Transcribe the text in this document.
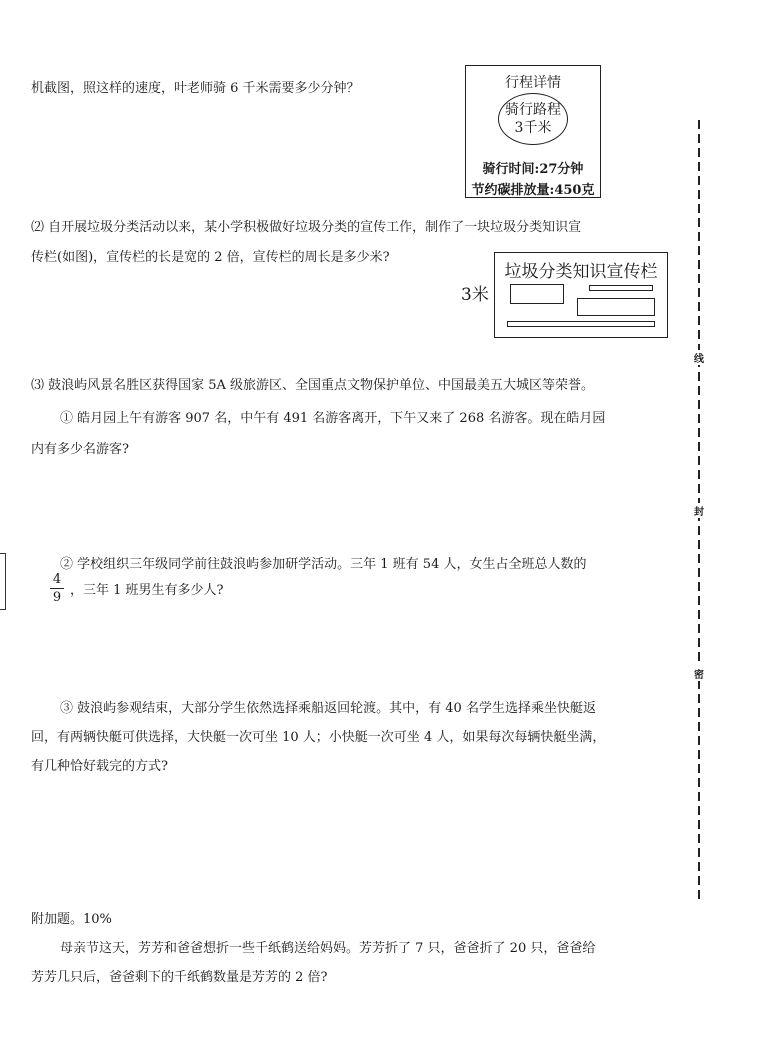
机截图，照这样的速度，叶老师骑 6 千米需要多少分钟？	行程详情
骑行路程
3千米
骑行时间:27分钟
节约碳排放量:450克
⑵ 自开展垃圾分类活动以来，某小学积极做好垃圾分类的宣传工作，制作了一块垃圾分类知识宣
传栏(如图)，宣传栏的长是宽的 2 倍，宣传栏的周长是多少米?
3米
垃圾分类知识宣传栏
⑶ 鼓浪屿风景名胜区获得国家 5A 级旅游区、全国重点文物保护单位、中国最美五大城区等荣誉。
① 皓月园上午有游客 907 名，中午有 491 名游客离开，下午又来了 268 名游客。现在皓月园
内有多少名游客?
② 学校组织三年级同学前往鼓浪屿参加研学活动。三年 1 班有 54 人，女生占全班总人数的
4
9 ，三年 1 班男生有多少人?
③ 鼓浪屿参观结束，大部分学生依然选择乘船返回轮渡。其中，有 40 名学生选择乘坐快艇返
回，有两辆快艇可供选择，大快艇一次可坐 10 人；小快艇一次可坐 4 人，如果每次每辆快艇坐满，
有几种恰好载完的方式?
附加题。10%
母亲节这天，芳芳和爸爸想折一些千纸鹤送给妈妈。芳芳折了 7 只，爸爸折了 20 只，爸爸给
芳芳几只后，爸爸剩下的千纸鹤数量是芳芳的 2 倍?
线
封
密
